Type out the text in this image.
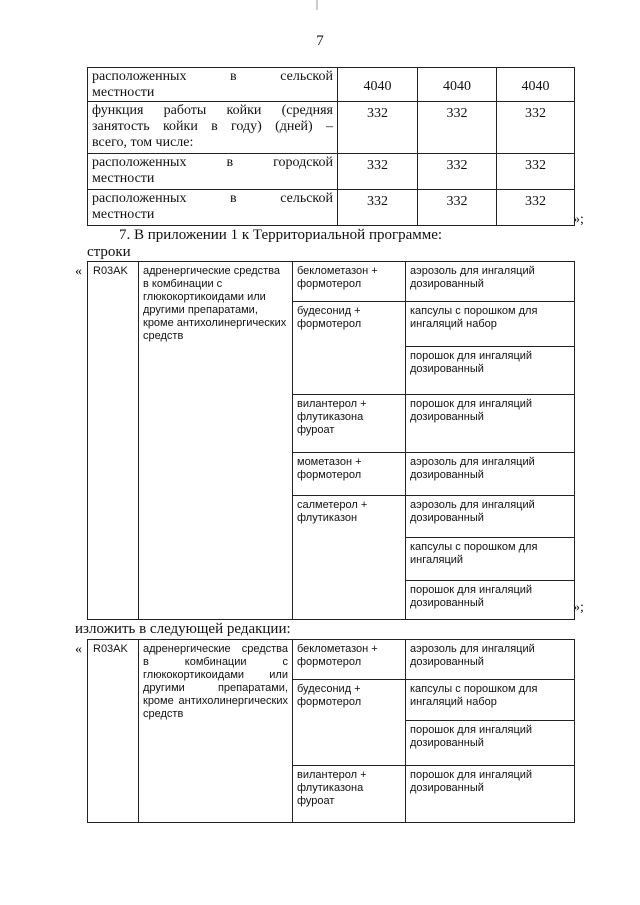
7
расположенных в сельской
местности	4040	4040	4040
функция работы койки (средняя занятость койки в году) (дней) –
всего, том числе:	332	332	332
расположенных в городской
местности	332	332	332
расположенных в сельской
местности	332	332	332
»;
7. В приложении 1 к Территориальной программе:
строки
« R03AK	адренергические средства в комбинации с глюкокортикоидами или другими препаратами, кроме антихолинергических средств	беклометазон + формотерол	аэрозоль для ингаляций дозированный
		будесонид + формотерол	капсулы с порошком для ингаляций набор
			порошок для ингаляций дозированный
		вилантерол + флутиказона фуроат	порошок для ингаляций дозированный
		мометазон + формотерол	аэрозоль для ингаляций дозированный
		салметерол + флутиказон	аэрозоль для ингаляций дозированный
			капсулы с порошком для ингаляций
			порошок для ингаляций дозированный	»;
изложить в следующей редакции:
« R03AK	адренергические средства в комбинации с глюкокортикоидами или другими препаратами, кроме антихолинергических средств	беклометазон + формотерол	аэрозоль для ингаляций дозированный
		будесонид + формотерол	капсулы с порошком для ингаляций набор
			порошок для ингаляций дозированный
		вилантерол + флутиказона фуроат	порошок для ингаляций дозированный
